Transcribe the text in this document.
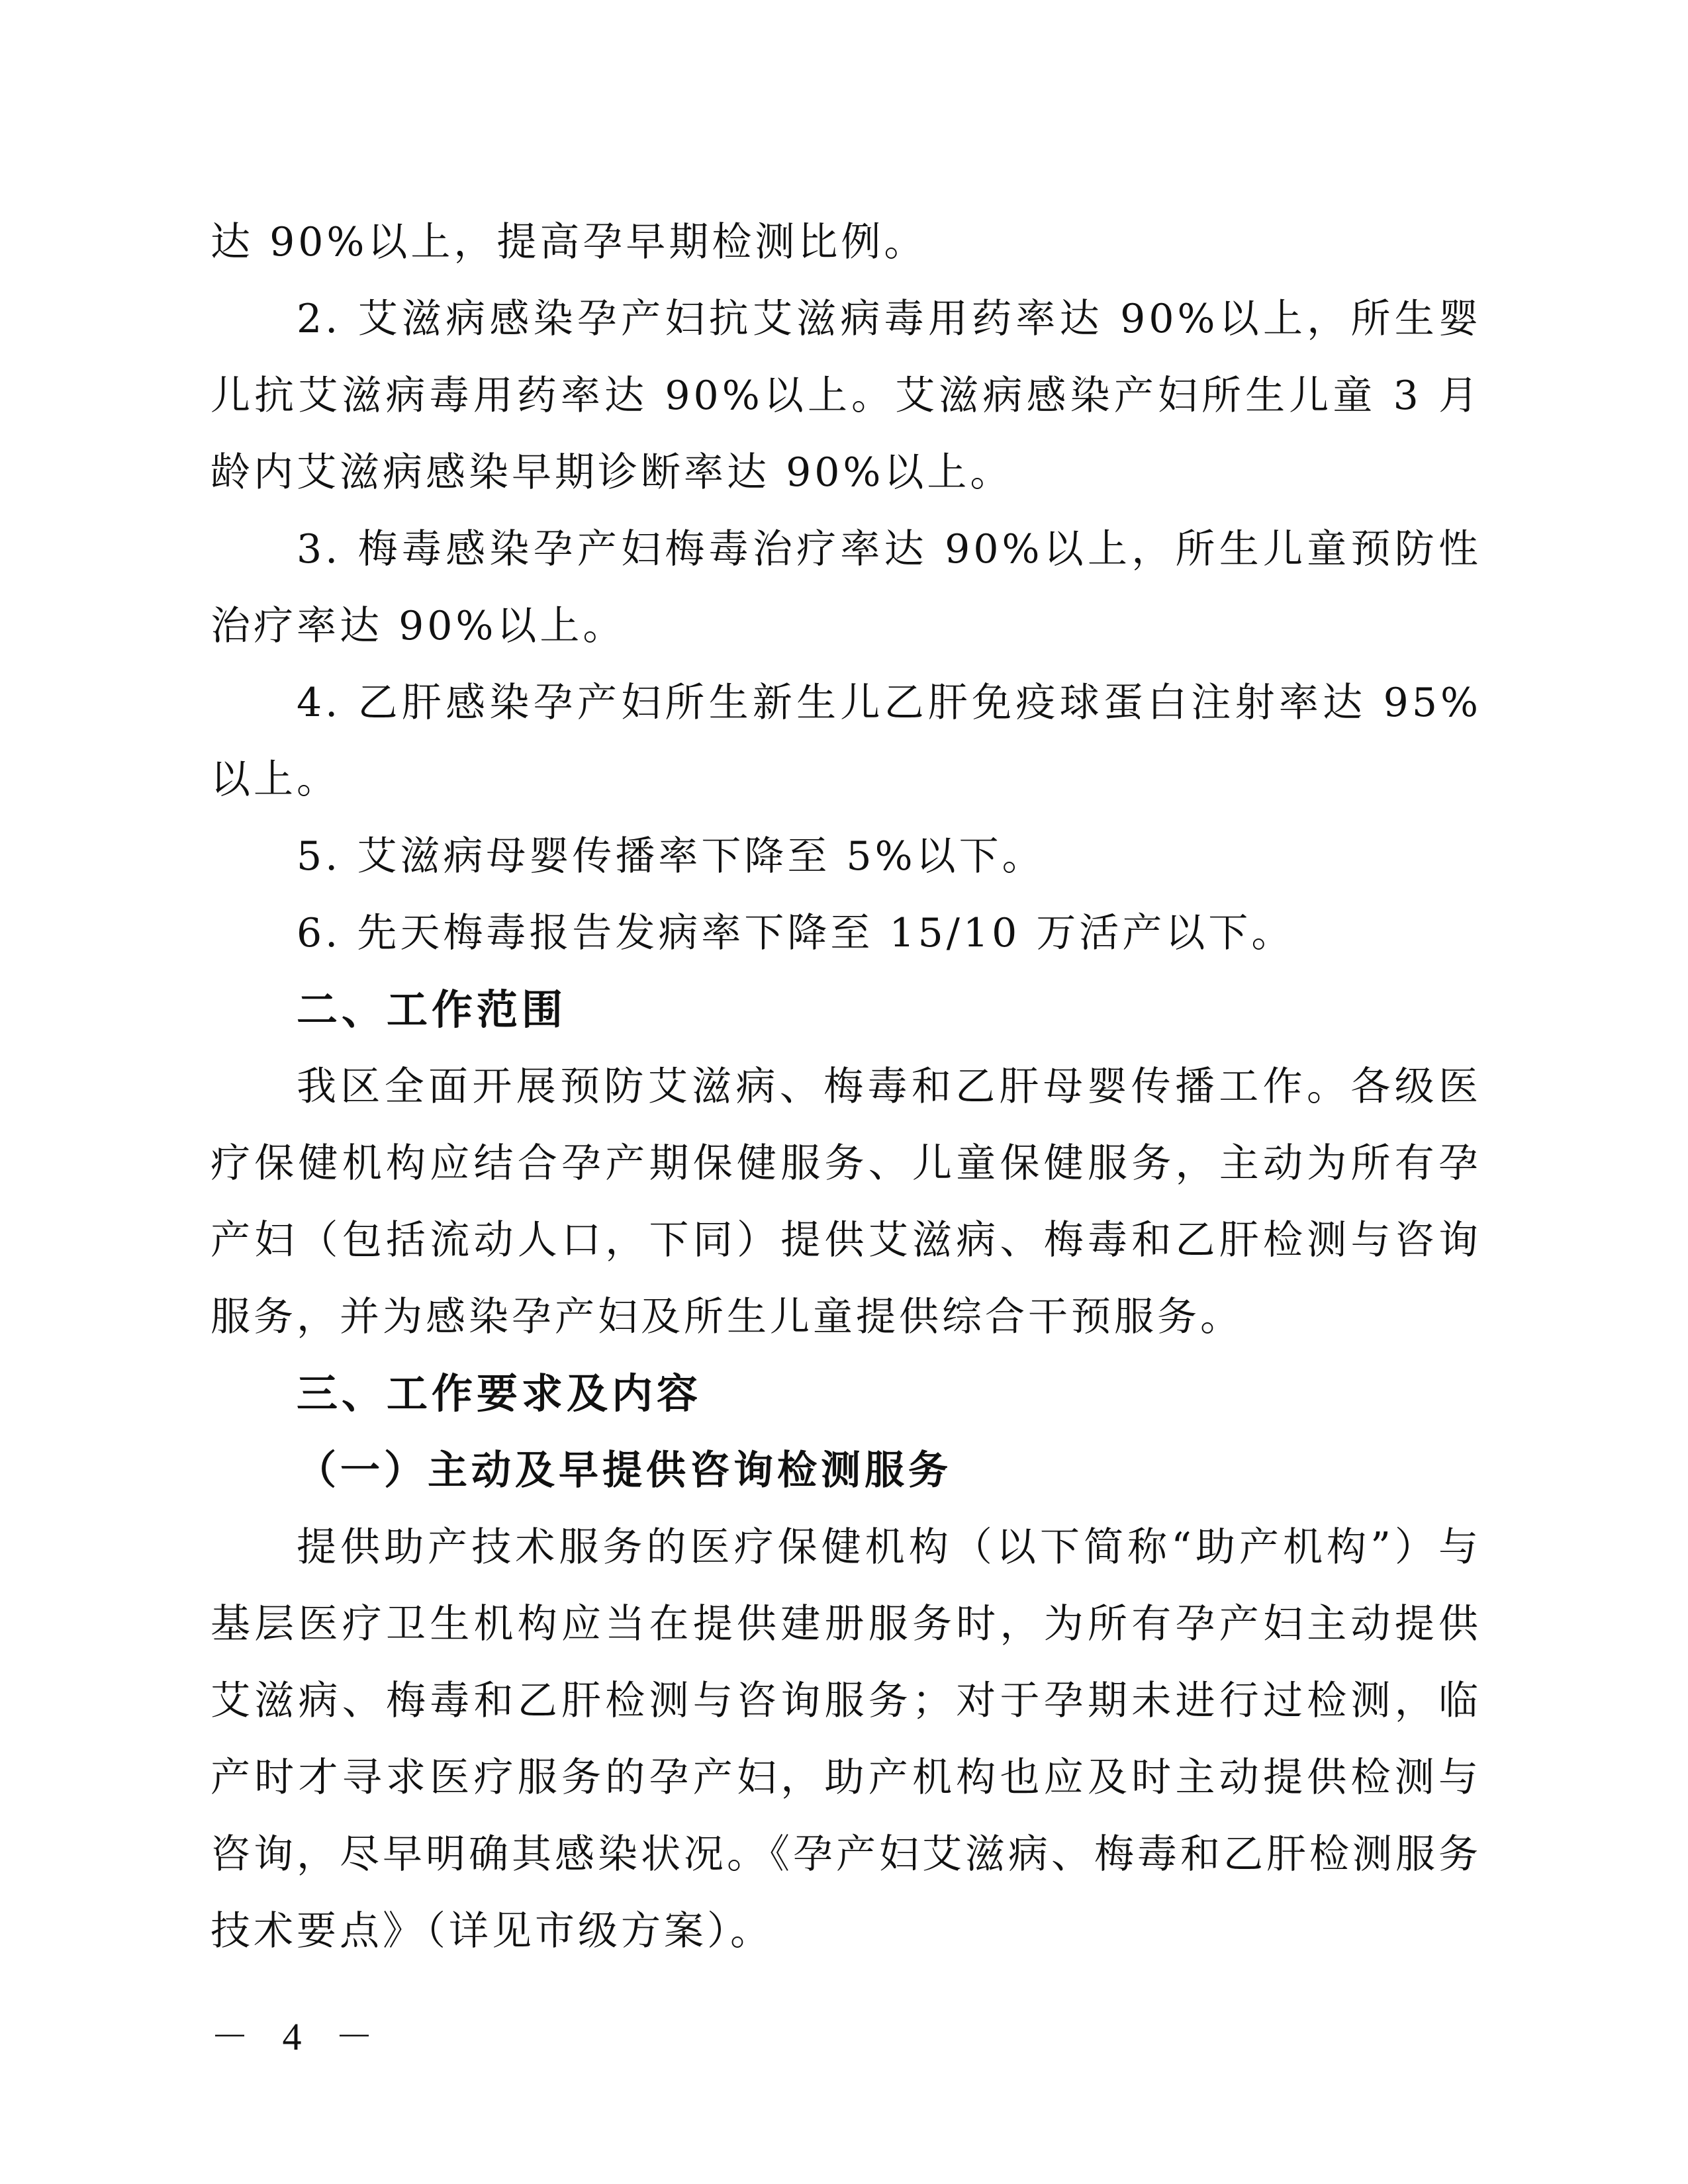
达 90%以上，提高孕早期检测比例。

2. 艾滋病感染孕产妇抗艾滋病毒用药率达 90%以上，所生婴儿抗艾滋病毒用药率达 90%以上。艾滋病感染产妇所生儿童 3 月龄内艾滋病感染早期诊断率达 90%以上。

3. 梅毒感染孕产妇梅毒治疗率达 90%以上，所生儿童预防性治疗率达 90%以上。

4. 乙肝感染孕产妇所生新生儿乙肝免疫球蛋白注射率达 95%以上。

5. 艾滋病母婴传播率下降至 5%以下。

6. 先天梅毒报告发病率下降至 15/10 万活产以下。

二、工作范围

我区全面开展预防艾滋病、梅毒和乙肝母婴传播工作。各级医疗保健机构应结合孕产期保健服务、儿童保健服务，主动为所有孕产妇（包括流动人口，下同）提供艾滋病、梅毒和乙肝检测与咨询服务，并为感染孕产妇及所生儿童提供综合干预服务。

三、工作要求及内容
（一）主动及早提供咨询检测服务

提供助产技术服务的医疗保健机构（以下简称“助产机构”）与基层医疗卫生机构应当在提供建册服务时，为所有孕产妇主动提供艾滋病、梅毒和乙肝检测与咨询服务；对于孕期未进行过检测，临产时才寻求医疗服务的孕产妇，助产机构也应及时主动提供检测与咨询，尽早明确其感染状况。《孕产妇艾滋病、梅毒和乙肝检测服务技术要点》（详见市级方案）。

－ 4 －
